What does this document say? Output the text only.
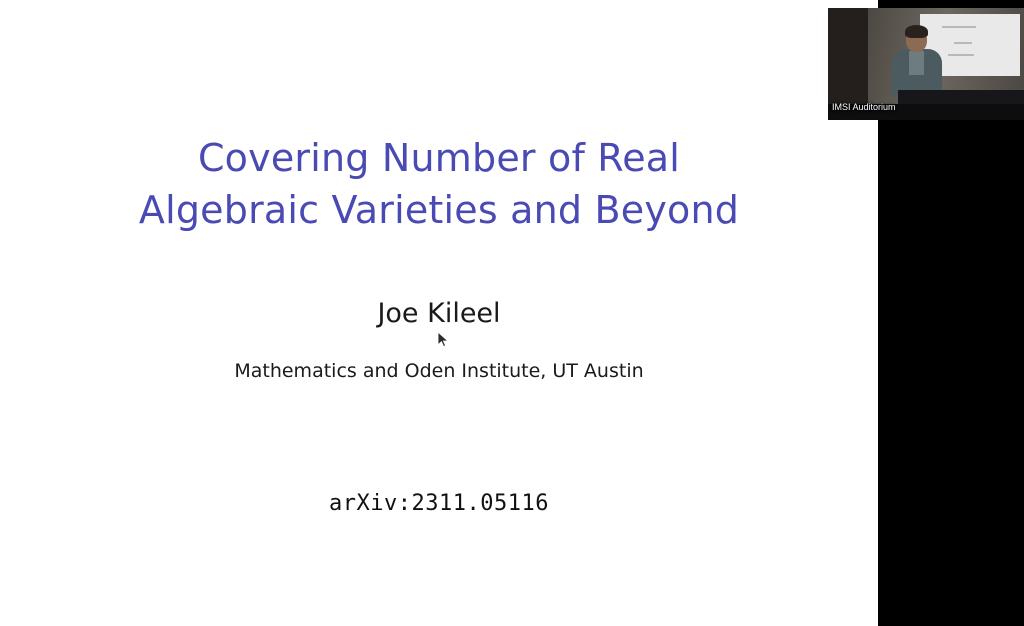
Covering Number of Real
Algebraic Varieties and Beyond
Joe Kileel
Mathematics and Oden Institute, UT Austin
arXiv:2311.05116
IMSI Auditorium
